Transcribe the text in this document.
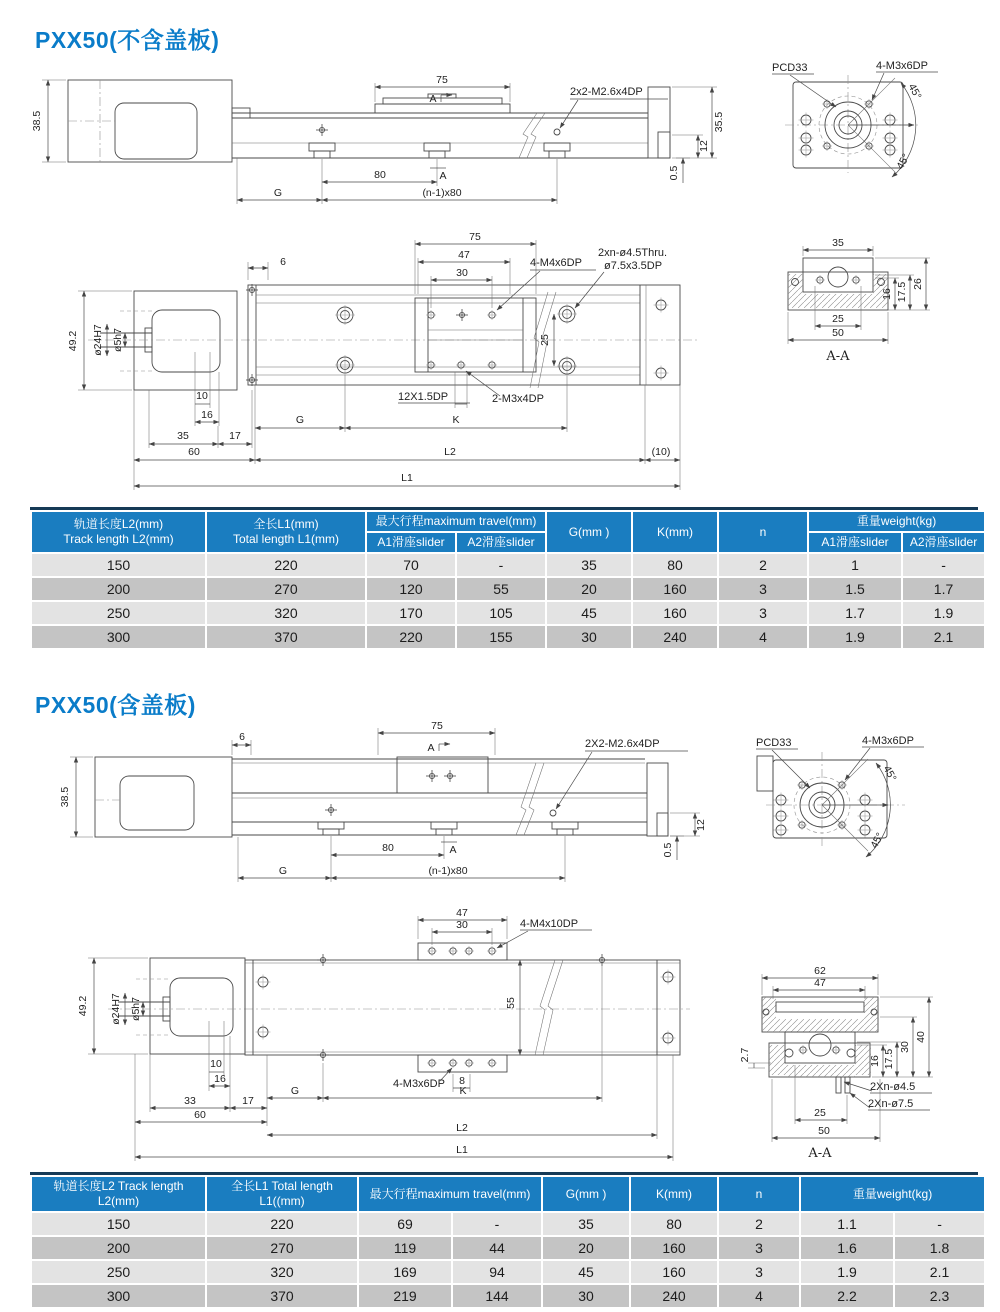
PXX50(不含盖板)
38.5
75
A
2x2-M2.6x4DP
35.5
12
0.5
80	A
G	(n-1)x80
PCD33	4-M3x6DP
45°
45°
ø24H7 ø5h7
49.2
6
75
47
30
4-M4x6DP
2xn-ø4.5Thru.
ø7.5x3.5DP
25
12X1.5DP	2-M3x4DP
10
16
35	17
G	K
60	L2	(10)
L1
35
16 17.5 26
25
50
A-A
轨道长度L2(mm)
Track length L2(mm)

全长L1(mm)
Total length L1(mm)
	最大行程maximum travel(mm)	G(mm )	K(mm)	n	重量weight(kg)
		A1滑座slider	A2滑座slider				A1滑座slider	A2滑座slider
150	220	70	-	35	80	2	1	-
200	270	120	55	20	160	3	1.5	1.7
250	320	170	105	45	160	3	1.7	1.9
300	370	220	155	30	240	4	1.9	2.1
PXX50(含盖板)
38.5
6
75
A	2X2-M2.6x4DP
12
0.5
80	A
G	(n-1)x80
PCD33	4-M3x6DP
45°
45°
ø24H7 ø5h7
49.2
47
30	4-M4x10DP
55
4-M3x6DP 8
G	K
10
16
33	17
60
L2
L1
62
47
2.7	16 17.5
30
40
2Xn-ø4.5
2Xn-ø7.5
25
50
A-A
轨道长度L2 Track length L2(mm)	全长L1 Total length L1((mm)	最大行程maximum travel(mm)		G(mm )	K(mm)	n	重量weight(kg)	
150	220	69	-	35	80	2	1.1	-
200	270	119	44	20	160	3	1.6	1.8
250	320	169	94	45	160	3	1.9	2.1
300	370	219	144	30	240	4	2.2	2.3
